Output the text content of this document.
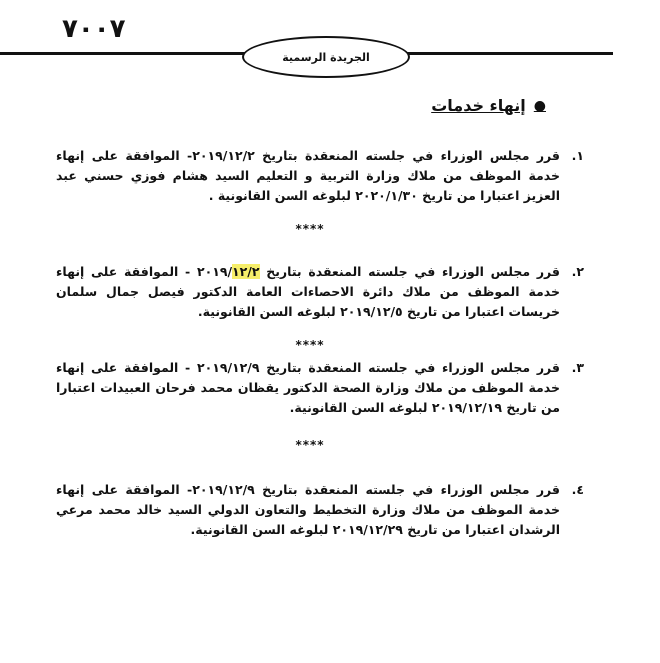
٧٠٠٧
الجريدة الرسمية
●
إنهاء خدمات
١.
قرر مجلس الوزراء في جلسته المنعقدة بتاريخ ٢٠١٩/١٢/٢- الموافقة على إنهاء خدمة الموظف من ملاك وزارة التربية و التعليم السيد هشام فوزي حسني عبد العزيز اعتبارا من تاريخ ٢٠٢٠/١/٣٠ لبلوغه السن القانونية .
****
٢.
قرر مجلس الوزراء في جلسته المنعقدة بتاريخ ٢٠١٩/١٢/٢ - الموافقة على إنهاء خدمة الموظف من ملاك دائرة الاحصاءات العامة الدكتور فيصل جمال سلمان خريسات اعتبارا من تاريخ ٢٠١٩/١٢/٥ لبلوغه السن القانونية.
****
٣.
قرر مجلس الوزراء في جلسته المنعقدة بتاريخ ٢٠١٩/١٢/٩ - الموافقة على إنهاء خدمة الموظف من ملاك وزارة الصحة الدكتور يقظان محمد فرحان العبيدات اعتبارا من تاريخ ٢٠١٩/١٢/١٩ لبلوغه السن القانونية.
****
٤.
قرر مجلس الوزراء في جلسته المنعقدة بتاريخ ٢٠١٩/١٢/٩- الموافقة على إنهاء خدمة الموظف من ملاك وزارة التخطيط والتعاون الدولي السيد خالد محمد مرعي الرشدان اعتبارا من تاريخ ٢٠١٩/١٢/٢٩ لبلوغه السن القانونية.
